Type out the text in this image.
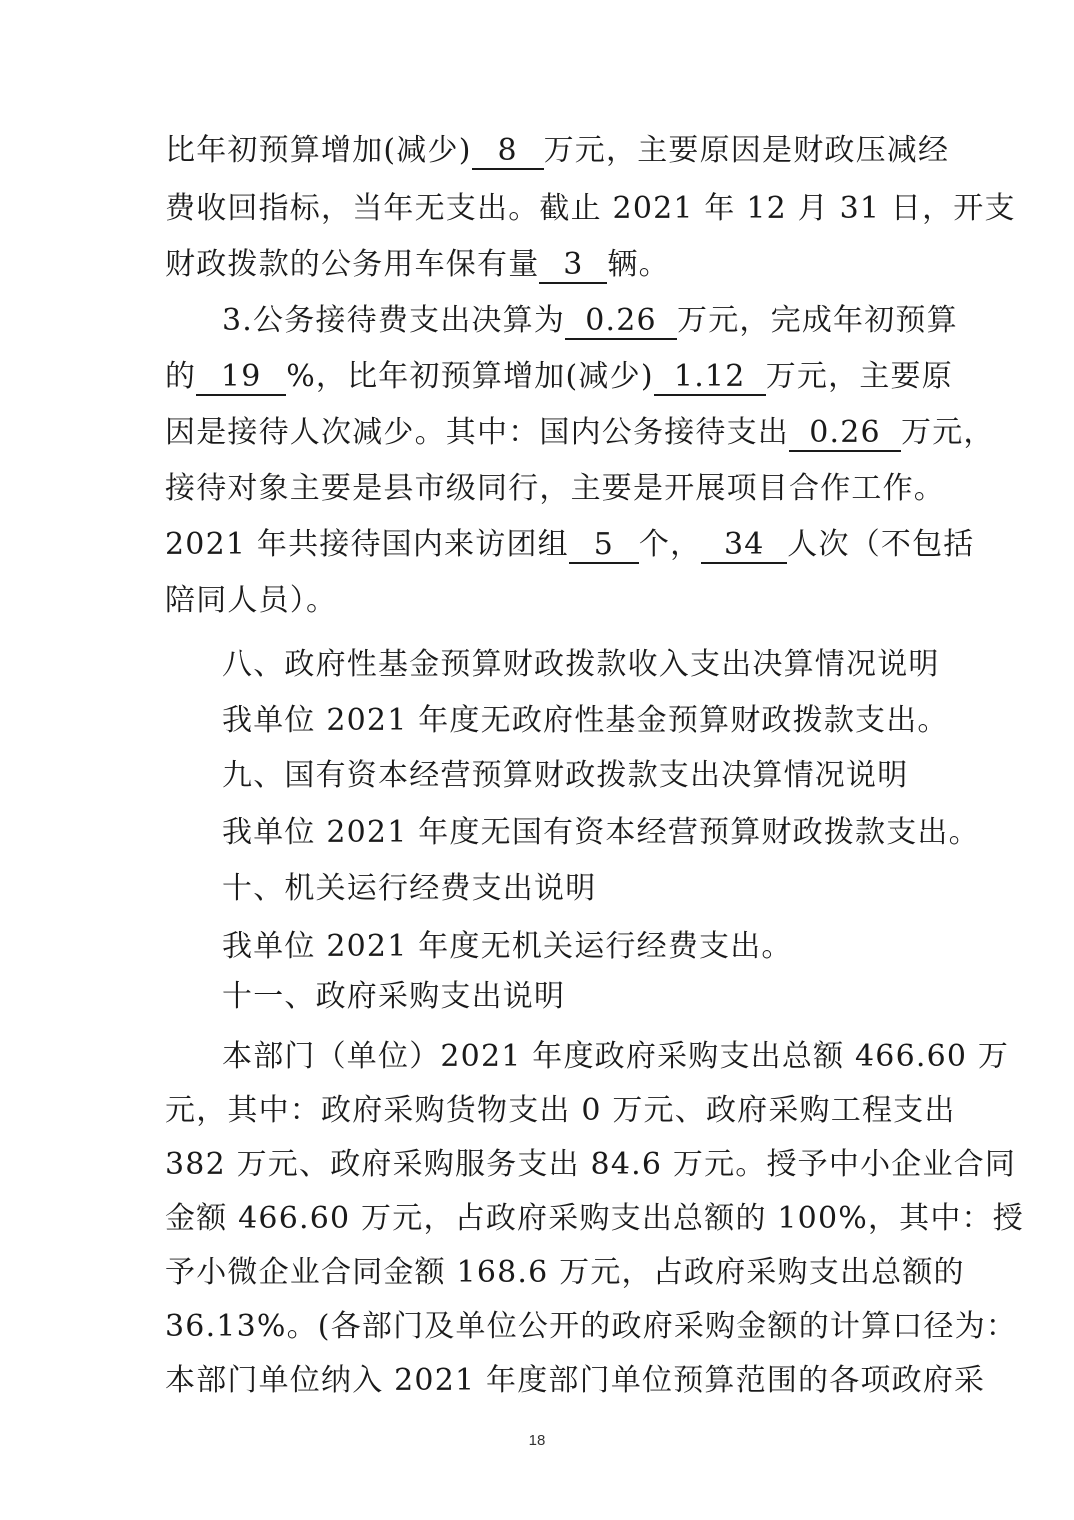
比年初预算增加(减少) 8 万元，主要原因是财政压减经
费收回指标，当年无支出。截止 2021 年 12 月 31 日，开支
财政拨款的公务用车保有量 3 辆。
3.公务接待费支出决算为 0.26 万元，完成年初预算
的 19 %，比年初预算增加(减少) 1.12 万元，主要原
因是接待人次减少。其中：国内公务接待支出 0.26 万元，
接待对象主要是县市级同行，主要是开展项目合作工作。
2021 年共接待国内来访团组 5 个， 34 人次（不包括
陪同人员）。
八、政府性基金预算财政拨款收入支出决算情况说明
我单位 2021 年度无政府性基金预算财政拨款支出。
九、国有资本经营预算财政拨款支出决算情况说明
我单位 2021 年度无国有资本经营预算财政拨款支出。
十、机关运行经费支出说明
我单位 2021 年度无机关运行经费支出。
十一、政府采购支出说明
本部门（单位）2021 年度政府采购支出总额 466.60 万
元，其中：政府采购货物支出 0 万元、政府采购工程支出
382 万元、政府采购服务支出 84.6 万元。授予中小企业合同
金额 466.60 万元，占政府采购支出总额的 100%，其中：授
予小微企业合同金额 168.6 万元，占政府采购支出总额的
36.13%。(各部门及单位公开的政府采购金额的计算口径为：
本部门单位纳入 2021 年度部门单位预算范围的各项政府采
18
